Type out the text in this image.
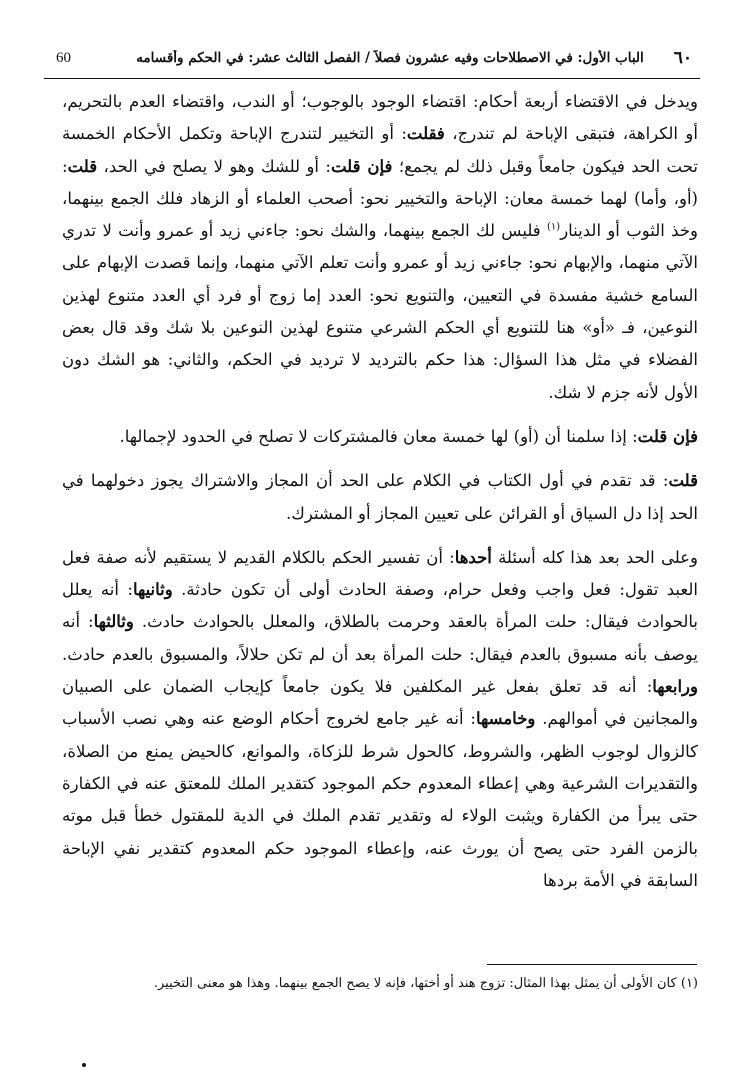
60	الباب الأول: في الاصطلاحات وفيه عشرون فصلاً / الفصل الثالث عشر: في الحكم وأقسامه	٦٠

ويدخل في الاقتضاء أربعة أحكام: اقتضاء الوجود بالوجوب؛ أو الندب، واقتضاء العدم بالتحريم، أو الكراهة، فتبقى الإباحة لم تندرج، فقلت: أو التخيير لتندرج الإباحة وتكمل الأحكام الخمسة تحت الحد فيكون جامعاً وقبل ذلك لم يجمع؛ فإن قلت: أو للشك وهو لا يصلح في الحد، قلت: (أو، وأما) لهما خمسة معان: الإباحة والتخيير نحو: أصحب العلماء أو الزهاد فلك الجمع بينهما، وخذ الثوب أو الدينار$^{(١)}$ فليس لك الجمع بينهما، والشك نحو: جاءني زيد أو عمرو وأنت لا تدري الآتي منهما، والإبهام نحو: جاءني زيد أو عمرو وأنت تعلم الآتي منهما، وإنما قصدت الإبهام على السامع خشية مفسدة في التعيين، والتنويع نحو: العدد إما زوج أو فرد أي العدد متنوع لهذين النوعين، فـ «أو» هنا للتنويع أي الحكم الشرعي متنوع لهذين النوعين بلا شك وقد قال بعض الفضلاء في مثل هذا السؤال: هذا حكم بالترديد لا ترديد في الحكم، والثاني: هو الشك دون الأول لأنه جزم لا شك.

فإن قلت: إذا سلمنا أن (أو) لها خمسة معان فالمشتركات لا تصلح في الحدود لإجمالها.

قلت: قد تقدم في أول الكتاب في الكلام على الحد أن المجاز والاشتراك يجوز دخولهما في الحد إذا دل السياق أو القرائن على تعيين المجاز أو المشترك.

وعلى الحد بعد هذا كله أسئلة أحدها: أن تفسير الحكم بالكلام القديم لا يستقيم لأنه صفة فعل العبد تقول: فعل واجب وفعل حرام، وصفة الحادث أولى أن تكون حادثة. وثانيها: أنه يعلل بالحوادث فيقال: حلت المرأة بالعقد وحرمت بالطلاق، والمعلل بالحوادث حادث. وثالثها: أنه يوصف بأنه مسبوق بالعدم فيقال: حلت المرأة بعد أن لم تكن حلالاً، والمسبوق بالعدم حادث. ورابعها: أنه قد تعلق بفعل غير المكلفين فلا يكون جامعاً كإيجاب الضمان على الصبيان والمجانين في أموالهم. وخامسها: أنه غير جامع لخروج أحكام الوضع عنه وهي نصب الأسباب كالزوال لوجوب الظهر، والشروط، كالحول شرط للزكاة، والموانع، كالحيض يمنع من الصلاة، والتقديرات الشرعية وهي إعطاء المعدوم حكم الموجود كتقدير الملك للمعتق عنه في الكفارة حتى يبرأ من الكفارة ويثبت الولاء له وتقدير تقدم الملك في الدية للمقتول خطأ قبل موته بالزمن الفرد حتى يصح أن يورث عنه، وإعطاء الموجود حكم المعدوم كتقدير نفي الإباحة السابقة في الأمة بردها

(١) كان الأولى أن يمثل بهذا المثال: تزوج هند أو أختها، فإنه لا يصح الجمع بينهما. وهذا هو معنى التخيير.
